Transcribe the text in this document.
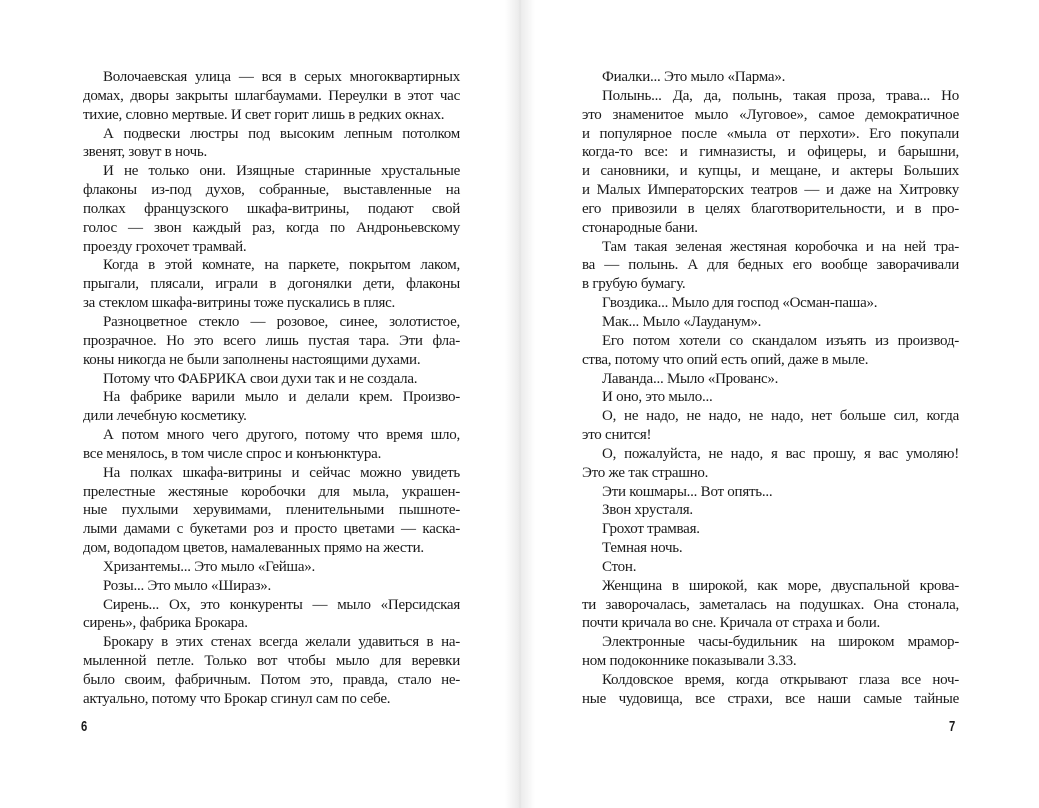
Волочаевская улица — вся в серых многоквартирных
домах, дворы закрыты шлагбаумами. Переулки в этот час
тихие, словно мертвые. И свет горит лишь в редких окнах.
А подвески люстры под высоким лепным потолком
звенят, зовут в ночь.
И не только они. Изящные старинные хрустальные
флаконы из-под духов, собранные, выставленные на
полках французского шкафа-витрины, подают свой
голос — звон каждый раз, когда по Андроньевскому
проезду грохочет трамвай.
Когда в этой комнате, на паркете, покрытом лаком,
прыгали, плясали, играли в догонялки дети, флаконы
за стеклом шкафа-витрины тоже пускались в пляс.
Разноцветное стекло — розовое, синее, золотистое,
прозрачное. Но это всего лишь пустая тара. Эти фла-
коны никогда не были заполнены настоящими духами.
Потому что ФАБРИКА свои духи так и не создала.
На фабрике варили мыло и делали крем. Произво-
дили лечебную косметику.
А потом много чего другого, потому что время шло,
все менялось, в том числе спрос и конъюнктура.
На полках шкафа-витрины и сейчас можно увидеть
прелестные жестяные коробочки для мыла, украшен-
ные пухлыми херувимами, пленительными пышноте-
лыми дамами с букетами роз и просто цветами — каска-
дом, водопадом цветов, намалеванных прямо на жести.
Хризантемы... Это мыло «Гейша».
Розы... Это мыло «Шираз».
Сирень... Ох, это конкуренты — мыло «Персидская
сирень», фабрика Брокара.
Брокару в этих стенах всегда желали удавиться в на-
мыленной петле. Только вот чтобы мыло для веревки
было своим, фабричным. Потом это, правда, стало не-
актуально, потому что Брокар сгинул сам по себе.
Фиалки... Это мыло «Парма».
Полынь... Да, да, полынь, такая проза, трава... Но
это знаменитое мыло «Луговое», самое демократичное
и популярное после «мыла от перхоти». Его покупали
когда-то все: и гимназисты, и офицеры, и барышни,
и сановники, и купцы, и мещане, и актеры Больших
и Малых Императорских театров — и даже на Хитровку
его привозили в целях благотворительности, и в про-
стонародные бани.
Там такая зеленая жестяная коробочка и на ней тра-
ва — полынь. А для бедных его вообще заворачивали
в грубую бумагу.
Гвоздика... Мыло для господ «Осман-паша».
Мак... Мыло «Лауданум».
Его потом хотели со скандалом изъять из производ-
ства, потому что опий есть опий, даже в мыле.
Лаванда... Мыло «Прованс».
И оно, это мыло...
О, не надо, не надо, не надо, нет больше сил, когда
это снится!
О, пожалуйста, не надо, я вас прошу, я вас умоляю!
Это же так страшно.
Эти кошмары... Вот опять...
Звон хрусталя.
Грохот трамвая.
Темная ночь.
Стон.
Женщина в широкой, как море, двуспальной крова-
ти заворочалась, заметалась на подушках. Она стонала,
почти кричала во сне. Кричала от страха и боли.
Электронные часы-будильник на широком мрамор-
ном подоконнике показывали 3.33.
Колдовское время, когда открывают глаза все ноч-
ные чудовища, все страхи, все наши самые тайные
6	7
